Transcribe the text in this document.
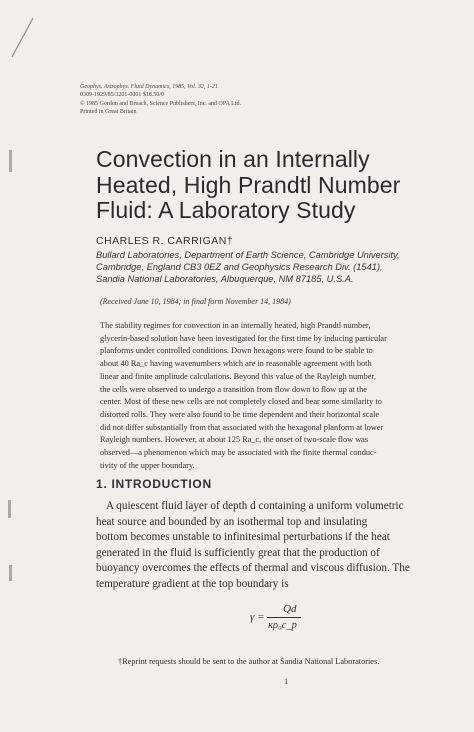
Geophys. Astrophys. Fluid Dynamics, 1985, Vol. 32, 1-21
0309-1929/85/3201-0001 $18.50/0
© 1985 Gordon and Breach, Science Publishers, Inc. and OPA Ltd.
Printed in Great Britain
Convection in an Internally
Heated, High Prandtl Number
Fluid: A Laboratory Study
CHARLES R. CARRIGAN†
Bullard Laboratories, Department of Earth Science, Cambridge University,
Cambridge, England CB3 0EZ and Geophysics Research Div. (1541),
Sandia National Laboratories, Albuquerque, NM 87185, U.S.A.
(Received June 10, 1984; in final form November 14, 1984)
The stability regimes for convection in an internally heated, high Prandtl number,
glycerin-based solution have been investigated for the first time by inducing particular
planforms under controlled conditions. Down hexagons were found to be stable to
about 40 Ra_c having wavenumbers which are in reasonable agreement with both
linear and finite amplitude calculations. Beyond this value of the Rayleigh number,
the cells were observed to undergo a transition from flow down to flow up at the
center. Most of these new cells are not completely closed and bear some similarity to
distorted rolls. They were also found to be time dependent and their horizontal scale
did not differ substantially from that associated with the hexagonal planform at lower
Rayleigh numbers. However, at about 125 Ra_c, the onset of two-scale flow was
observed—a phenomenon which may be associated with the finite thermal conduc-
tivity of the upper boundary.
1. INTRODUCTION
A quiescent fluid layer of depth d containing a uniform volumetric
heat source and bounded by an isothermal top and insulating
bottom becomes unstable to infinitesimal perturbations if the heat
generated in the fluid is sufficiently great that the production of
buoyancy overcomes the effects of thermal and viscous diffusion. The
temperature gradient at the top boundary is
γ =
Qd
κρ₀c_p
†Reprint requests should be sent to the author at Sandia National Laboratories.
1
